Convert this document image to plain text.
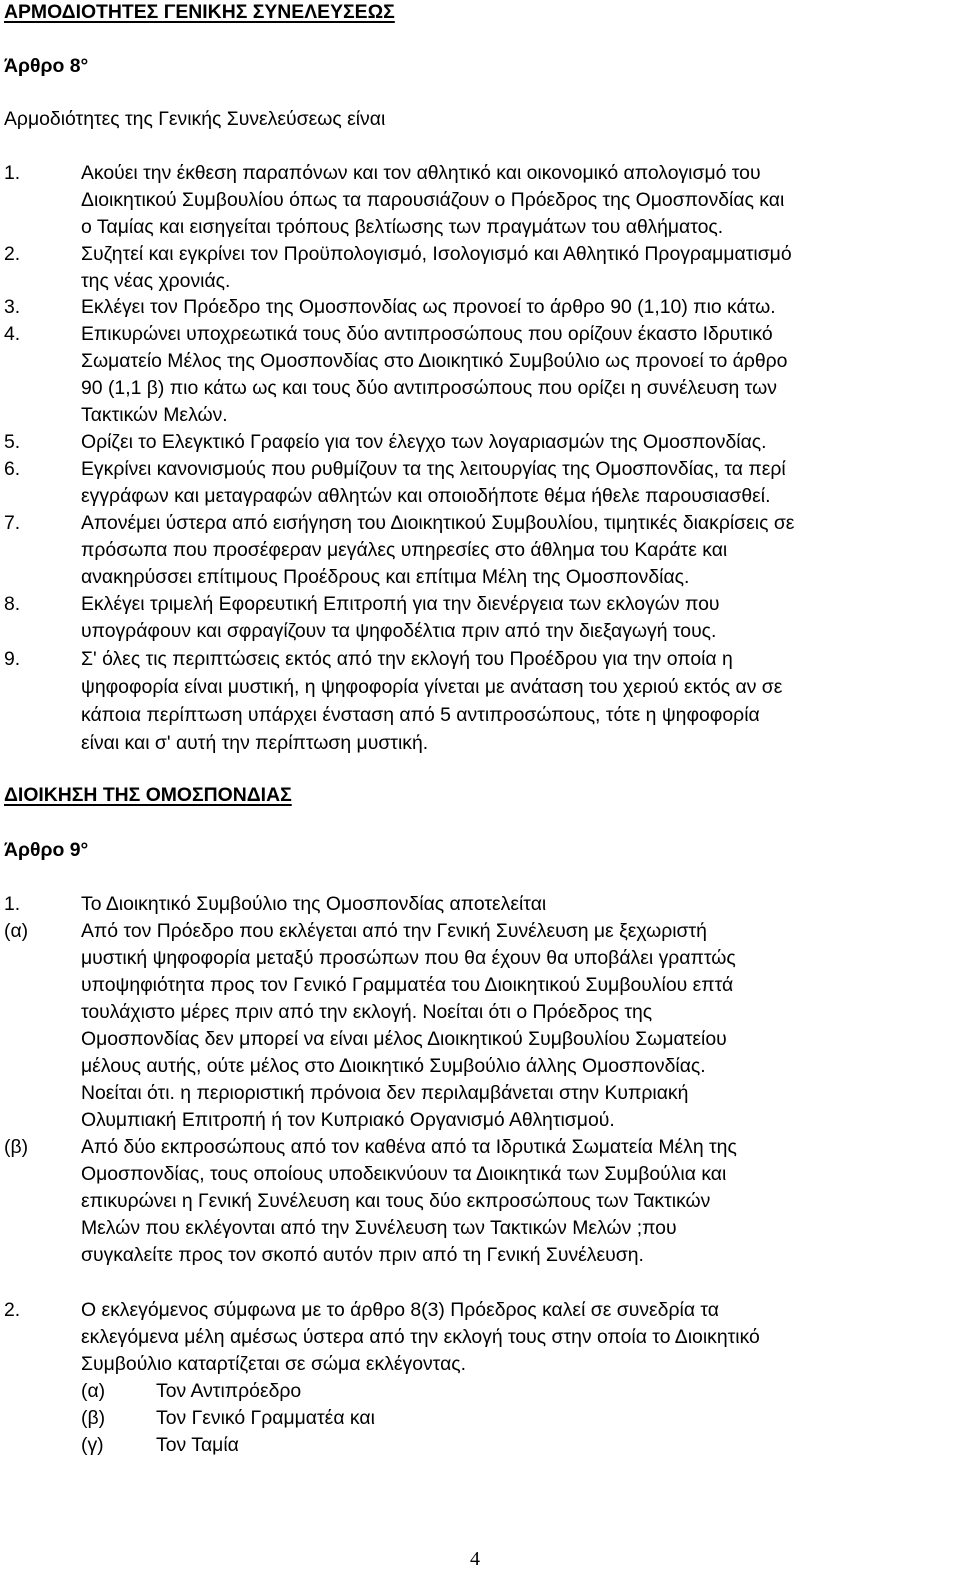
ΑΡΜΟΔΙΟΤΗΤΕΣ ΓΕΝΙΚΗΣ ΣΥΝΕΛΕΥΣΕΩΣ
Άρθρο 8°
Αρμοδιότητες της Γενικής Συνελεύσεως είναι
1.	Ακούει την έκθεση παραπόνων και τον αθλητικό και οικονομικό απολογισμό του
Διοικητικού Συμβουλίου όπως τα παρουσιάζουν ο Πρόεδρος της Ομοσπονδίας και
ο Ταμίας και εισηγείται τρόπους βελτίωσης των πραγμάτων του αθλήματος.
2.	Συζητεί και εγκρίνει τον Προϋπολογισμό, Ισολογισμό και Αθλητικό Προγραμματισμό
της νέας χρονιάς.
3.	Εκλέγει τον Πρόεδρο της Ομοσπονδίας ως προνοεί το άρθρο 90 (1,10) πιο κάτω.
4.	Επικυρώνει υποχρεωτικά τους δύο αντιπροσώπους που ορίζουν έκαστο Ιδρυτικό
Σωματείο Μέλος της Ομοσπονδίας στο Διοικητικό Συμβούλιο ως προνοεί το άρθρο
90 (1,1 β) πιο κάτω ως και τους δύο αντιπροσώπους που ορίζει η συνέλευση των
Τακτικών Μελών.
5.	Ορίζει το Ελεγκτικό Γραφείο για τον έλεγχο των λογαριασμών της Ομοσπονδίας.
6.	Εγκρίνει κανονισμούς που ρυθμίζουν τα της λειτουργίας της Ομοσπονδίας, τα περί
εγγράφων και μεταγραφών αθλητών και οποιοδήποτε θέμα ήθελε παρουσιασθεί.
7.	Απονέμει ύστερα από εισήγηση του Διοικητικού Συμβουλίου, τιμητικές διακρίσεις σε
πρόσωπα που προσέφεραν μεγάλες υπηρεσίες στο άθλημα του Καράτε και
ανακηρύσσει επίτιμους Προέδρους και επίτιμα Μέλη της Ομοσπονδίας.
8.	Εκλέγει τριμελή Εφορευτική Επιτροπή για την διενέργεια των εκλογών που
υπογράφουν και σφραγίζουν τα ψηφοδέλτια πριν από την διεξαγωγή τους.
9.	Σ' όλες τις περιπτώσεις εκτός από την εκλογή του Προέδρου για την οποία η
ψηφοφορία είναι μυστική, η ψηφοφορία γίνεται με ανάταση του χεριού εκτός αν σε
κάποια περίπτωση υπάρχει ένσταση από 5 αντιπροσώπους, τότε η ψηφοφορία
είναι και σ' αυτή την περίπτωση μυστική.
ΔΙΟΙΚΗΣΗ ΤΗΣ ΟΜΟΣΠΟΝΔΙΑΣ
Άρθρο 9°
1.	Το Διοικητικό Συμβούλιο της Ομοσπονδίας αποτελείται
(α)	Από τον Πρόεδρο που εκλέγεται από την Γενική Συνέλευση με ξεχωριστή
μυστική ψηφοφορία μεταξύ προσώπων που θα έχουν θα υποβάλει γραπτώς
υποψηφιότητα προς τον Γενικό Γραμματέα του Διοικητικού Συμβουλίου επτά
τουλάχιστο μέρες πριν από την εκλογή. Νοείται ότι ο Πρόεδρος της
Ομοσπονδίας δεν μπορεί να είναι μέλος Διοικητικού Συμβουλίου Σωματείου
μέλους αυτής, ούτε μέλος στο Διοικητικό Συμβούλιο άλλης Ομοσπονδίας.
Νοείται ότι. η περιοριστική πρόνοια δεν περιλαμβάνεται στην Κυπριακή
Ολυμπιακή Επιτροπή ή τον Κυπριακό Οργανισμό Αθλητισμού.
(β)	Από δύο εκπροσώπους από τον καθένα από τα Ιδρυτικά Σωματεία Μέλη της
Ομοσπονδίας, τους οποίους υποδεικνύουν τα Διοικητικά των Συμβούλια και
επικυρώνει η Γενική Συνέλευση και τους δύο εκπροσώπους των Τακτικών
Μελών που εκλέγονται από την Συνέλευση των Τακτικών Μελών ;που
συγκαλείτε προς τον σκοπό αυτόν πριν από τη Γενική Συνέλευση.
2.	Ο εκλεγόμενος σύμφωνα με το άρθρο 8(3) Πρόεδρος καλεί σε συνεδρία τα
εκλεγόμενα μέλη αμέσως ύστερα από την εκλογή τους στην οποία το Διοικητικό
Συμβούλιο καταρτίζεται σε σώμα εκλέγοντας.
(α)	Τον Αντιπρόεδρο
(β)	Τον Γενικό Γραμματέα και
(γ)	Τον Ταμία
4
